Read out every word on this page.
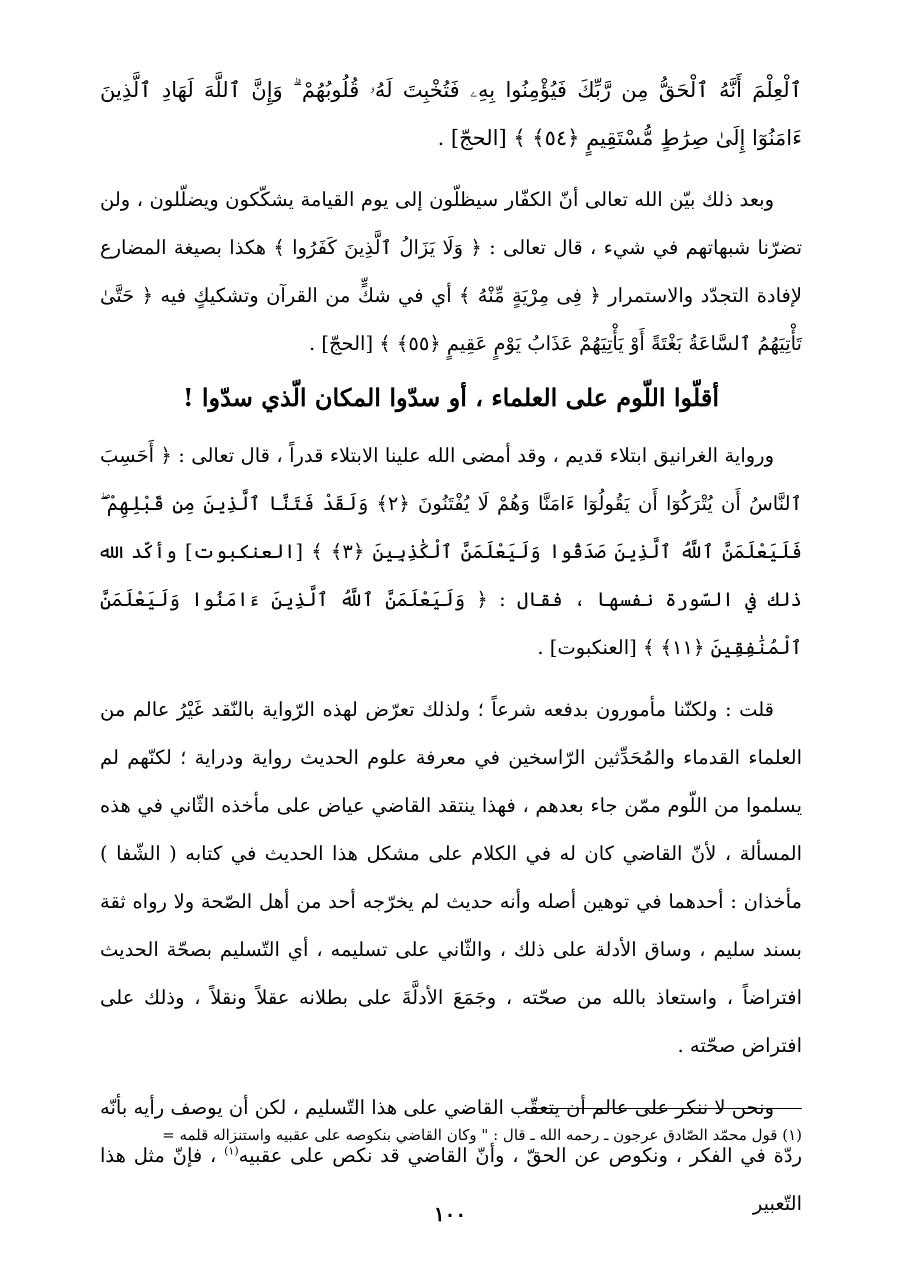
ٱلْعِلْمَ أَنَّهُ ٱلْحَقُّ مِن رَّبِّكَ فَيُؤْمِنُوا بِهِۦ فَتُخْبِتَ لَهُۥ قُلُوبُهُمْ ۗ وَإِنَّ ٱللَّهَ لَهَادِ ٱلَّذِينَ ءَامَنُوٓا إِلَىٰ صِرَٰطٍ مُّسْتَقِيمٍ ﴿٥٤﴾ ﴾ [الحجّ] .

وبعد ذلك بيّن الله تعالى أنّ الكفّار سيظلّون إلى يوم القيامة يشكّكون ويضلّلون ، ولن تضرّنا شبهاتهم في شيء ، قال تعالى : ﴿ وَلَا يَزَالُ ٱلَّذِينَ كَفَرُوا ﴾ هكذا بصيغة المضارع لإفادة التجدّد والاستمرار ﴿ فِى مِرْيَةٍ مِّنْهُ ﴾ أي في شكٍّ من القرآن وتشكيكٍ فيه ﴿ حَتَّىٰ تَأْتِيَهُمُ ٱلسَّاعَةُ بَغْتَةً أَوْ يَأْتِيَهُمْ عَذَابُ يَوْمٍ عَقِيمٍ ﴿٥٥﴾ ﴾ [الحجّ] .

أقلّوا اللّوم على العلماء ، أو سدّوا المكان الّذي سدّوا !

ورواية الغرانيق ابتلاء قديم ، وقد أمضى الله علينا الابتلاء قدراً ، قال تعالى : ﴿ أَحَسِبَ ٱلنَّاسُ أَن يُتْرَكُوٓا أَن يَقُولُوٓا ءَامَنَّا وَهُمْ لَا يُفْتَنُونَ ﴿٢﴾ وَلَقَدْ فَتَنَّا ٱلَّذِينَ مِن قَبْلِهِمْ ۖ فَلَيَعْلَمَنَّ ٱللَّهُ ٱلَّذِينَ صَدَقُوا وَلَيَعْلَمَنَّ ٱلْكَٰذِبِينَ ﴿٣﴾ ﴾ [العنكبوت] وأكّد الله ذلك في السّورة نفسها ، فقال : ﴿ وَلَيَعْلَمَنَّ ٱللَّهُ ٱلَّذِينَ ءَامَنُوا وَلَيَعْلَمَنَّ ٱلْمُنَٰفِقِينَ ﴿١١﴾ ﴾ [العنكبوت] .

قلت : ولكنّنا مأمورون بدفعه شرعاً ؛ ولذلك تعرّض لهذه الرّواية بالنّقد غَيْرُ عالم من العلماء القدماء والمُحَدِّثين الرّاسخين في معرفة علوم الحديث رواية ودراية ؛ لكنّهم لم يسلموا من اللّوم ممّن جاء بعدهم ، فهذا ينتقد القاضي عياض على مأخذه الثّاني في هذه المسألة ، لأنّ القاضي كان له في الكلام على مشكل هذا الحديث في كتابه ( الشّفا ) مأخذان : أحدهما في توهين أصله وأنه حديث لم يخرّجه أحد من أهل الصّحة ولا رواه ثقة بسند سليم ، وساق الأدلة على ذلك ، والثّاني على تسليمه ، أي التّسليم بصحّة الحديث افتراضاً ، واستعاذ بالله من صحّته ، وجَمَعَ الأدلَّةَ على بطلانه عقلاً ونقلاً ، وذلك على افتراض صحّته .

ونحن لا ننكر على عالم أن يتعقّب القاضي على هذا التّسليم ، لكن أن يوصف رأيه بأنّه ردّة في الفكر ، ونكوص عن الحقّ ، وأنّ القاضي قد نكص على عقبيه$^{(١)}$ ، فإنّ مثل هذا التّعبير

(١) قول محمّد الصّادق عرجون ـ رحمه الله ـ قال : " وكان القاضي بنكوصه على عقبيه واستنزاله قلمه =

١٠٠
